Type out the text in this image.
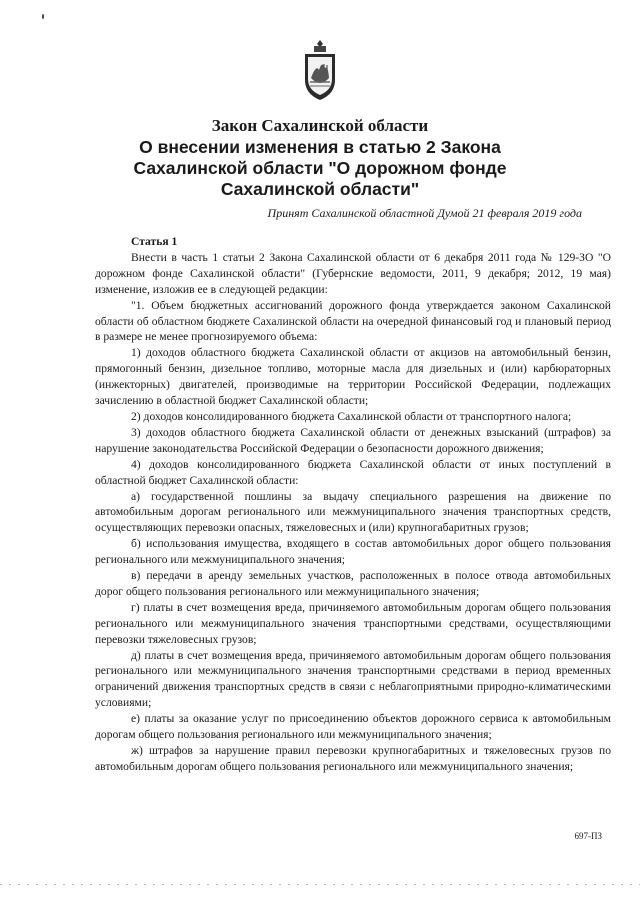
Закон Сахалинской области
О внесении изменения в статью 2 Закона
Сахалинской области "О дорожном фонде
Сахалинской области"
Принят Сахалинской областной Думой 21 февраля 2019 года

Статья 1

Внести в часть 1 статьи 2 Закона Сахалинской области от 6 декабря 2011 года № 129-ЗО "О дорожном фонде Сахалинской области" (Губернские ведомости, 2011, 9 декабря; 2012, 19 мая) изменение, изложив ее в следующей редакции:

"1. Объем бюджетных ассигнований дорожного фонда утверждается законом Сахалинской области об областном бюджете Сахалинской области на очередной финансовый год и плановый период в размере не менее прогнозируемого объема:

1) доходов областного бюджета Сахалинской области от акцизов на автомобильный бензин, прямогонный бензин, дизельное топливо, моторные масла для дизельных и (или) карбюраторных (инжекторных) двигателей, производимые на территории Российской Федерации, подлежащих зачислению в областной бюджет Сахалинской области;

2) доходов консолидированного бюджета Сахалинской области от транспортного налога;

3) доходов областного бюджета Сахалинской области от денежных взысканий (штрафов) за нарушение законодательства Российской Федерации о безопасности дорожного движения;

4) доходов консолидированного бюджета Сахалинской области от иных поступлений в областной бюджет Сахалинской области:

а) государственной пошлины за выдачу специального разрешения на движение по автомобильным дорогам регионального или межмуниципального значения транспортных средств, осуществляющих перевозки опасных, тяжеловесных и (или) крупногабаритных грузов;

б) использования имущества, входящего в состав автомобильных дорог общего пользования регионального или межмуниципального значения;

в) передачи в аренду земельных участков, расположенных в полосе отвода автомобильных дорог общего пользования регионального или межмуниципального значения;

г) платы в счет возмещения вреда, причиняемого автомобильным дорогам общего пользования регионального или межмуниципального значения транспортными средствами, осуществляющими перевозки тяжеловесных грузов;

д) платы в счет возмещения вреда, причиняемого автомобильным дорогам общего пользования регионального или межмуниципального значения транспортными средствами в период временных ограничений движения транспортных средств в связи с неблагоприятными природно-климатическими условиями;

е) платы за оказание услуг по присоединению объектов дорожного сервиса к автомобильным дорогам общего пользования регионального или межмуниципального значения;

ж) штрафов за нарушение правил перевозки крупногабаритных и тяжеловесных грузов по автомобильным дорогам общего пользования регионального или межмуниципального значения;

697-ПЗ
